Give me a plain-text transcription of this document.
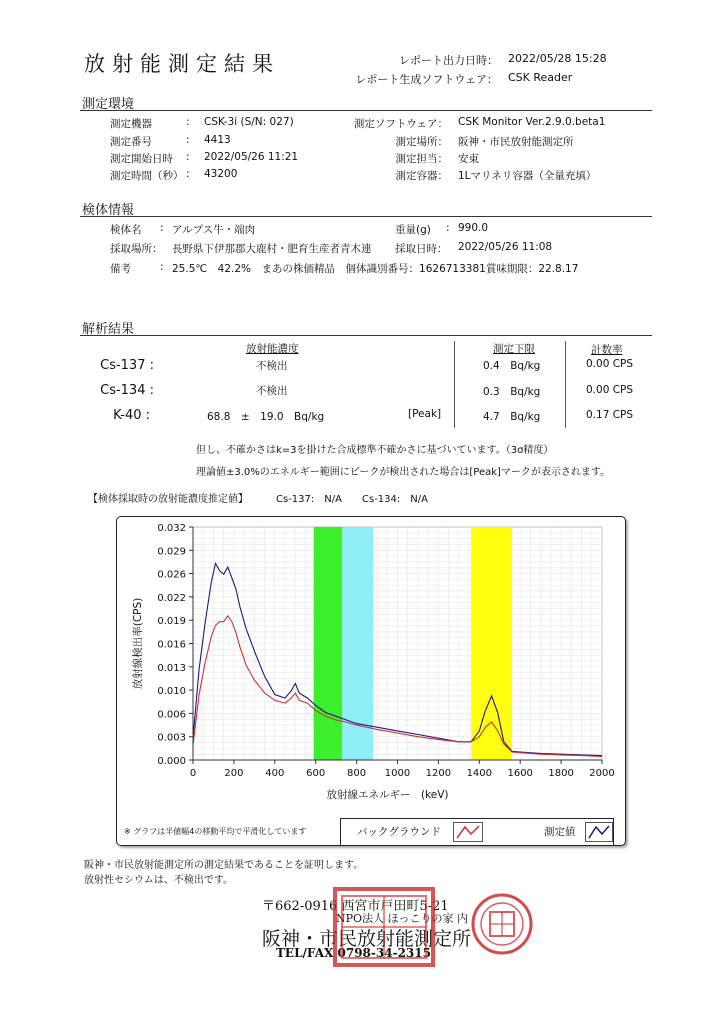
放射能測定結果	レポート出力日時： 2022/05/28 15:28
レポート生成ソフトウェア： CSK Reader
測定環境
測定機器	: CSK-3i (S/N: 027)
測定番号	: 4413
測定開始日時 : 2022/05/26 11:21
測定時間（秒） : 43200
測定ソフトウェア： CSK Monitor Ver.2.9.0.beta1
測定場所： 阪神・市民放射能測定所
測定担当： 安東
測定容器： 1Lマリネリ容器（全量充填）
検体情報
検体名 : アルプス牛・端肉	重量(g) : 990.0
採取場所： 長野県下伊那郡大鹿村・肥育生産者青木連 採取日時： 2022/05/26 11:08
備考	: 25.5℃　42.2%　まあの株価精品　個体識別番号：1626713381賞味期限：22.8.17
解析結果
放射能濃度	測定下限	計数率
Cs-137 :	不検出	0.4　Bq/kg	0.00 CPS
Cs-134 :	不検出	0.3　Bq/kg	0.00 CPS
K-40 :	68.8　±　19.0　Bq/kg	[Peak]	4.7　Bq/kg	0.17 CPS
但し、不確かさはk=3を掛けた合成標準不確かさに基づいています。（3σ精度）
理論値±3.0%のエネルギー範囲にピークが検出された場合は[Peak]マークが表示されます。
【検体採取時の放射能濃度推定値】	Cs-137:　N/A Cs-134:　N/A
0	200 400 600 800 1000 1200 1400 1600 1800 2000
0.000
0.003
0.006
0.010
0.013
0.016
0.019
0.022
0.026
0.029
0.032
放射線エネルギー　(keV)
放射線検出率(CPS)
※ グラフは半値幅4の移動平均で平滑化しています	バックグラウンド	測定値
阪神・市民放射能測定所の測定結果であることを証明します。
放射性セシウムは、不検出です。
〒662-0916 西宮市戸田町5-21
NPO法人 ほっこりの家 内
阪神・市民放射能測定所
TEL/FAX 0798-34-2315
